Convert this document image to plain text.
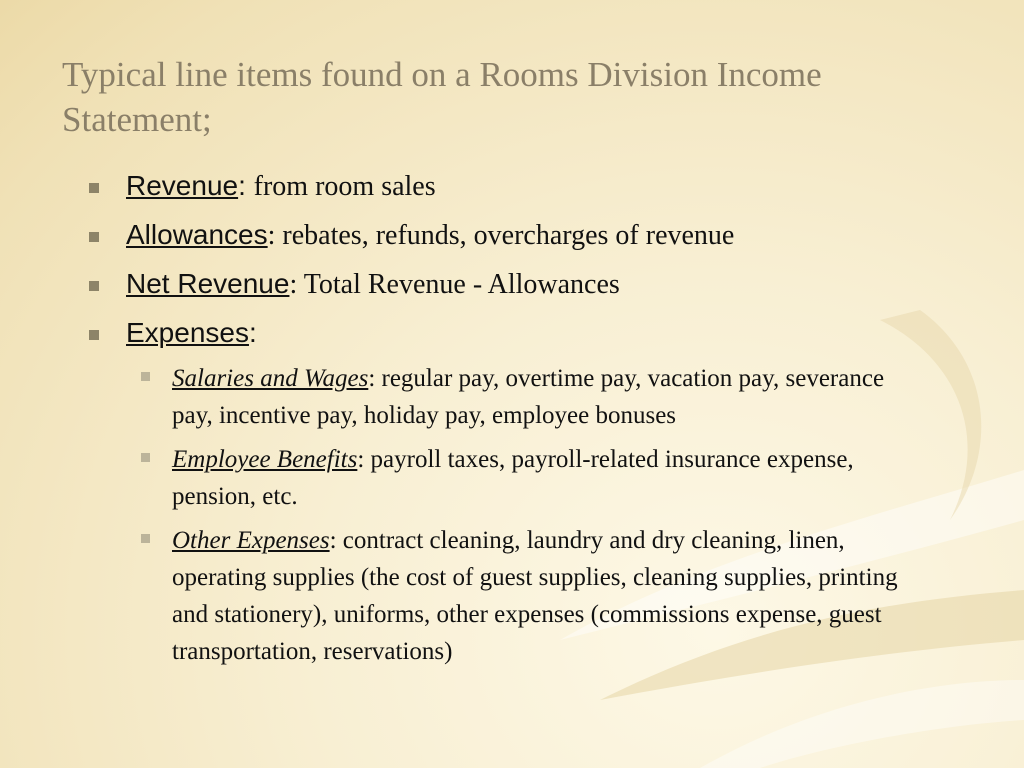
Typical line items found on a Rooms Division Income Statement;
Revenue: from room sales
Allowances: rebates, refunds, overcharges of revenue
Net Revenue: Total Revenue - Allowances
Expenses:
Salaries and Wages: regular pay, overtime pay, vacation pay, severance pay, incentive pay, holiday pay, employee bonuses
Employee Benefits: payroll taxes, payroll-related insurance expense, pension, etc.
Other Expenses: contract cleaning, laundry and dry cleaning, linen, operating supplies (the cost of guest supplies, cleaning supplies, printing and stationery), uniforms, other expenses (commissions expense, guest transportation, reservations)
